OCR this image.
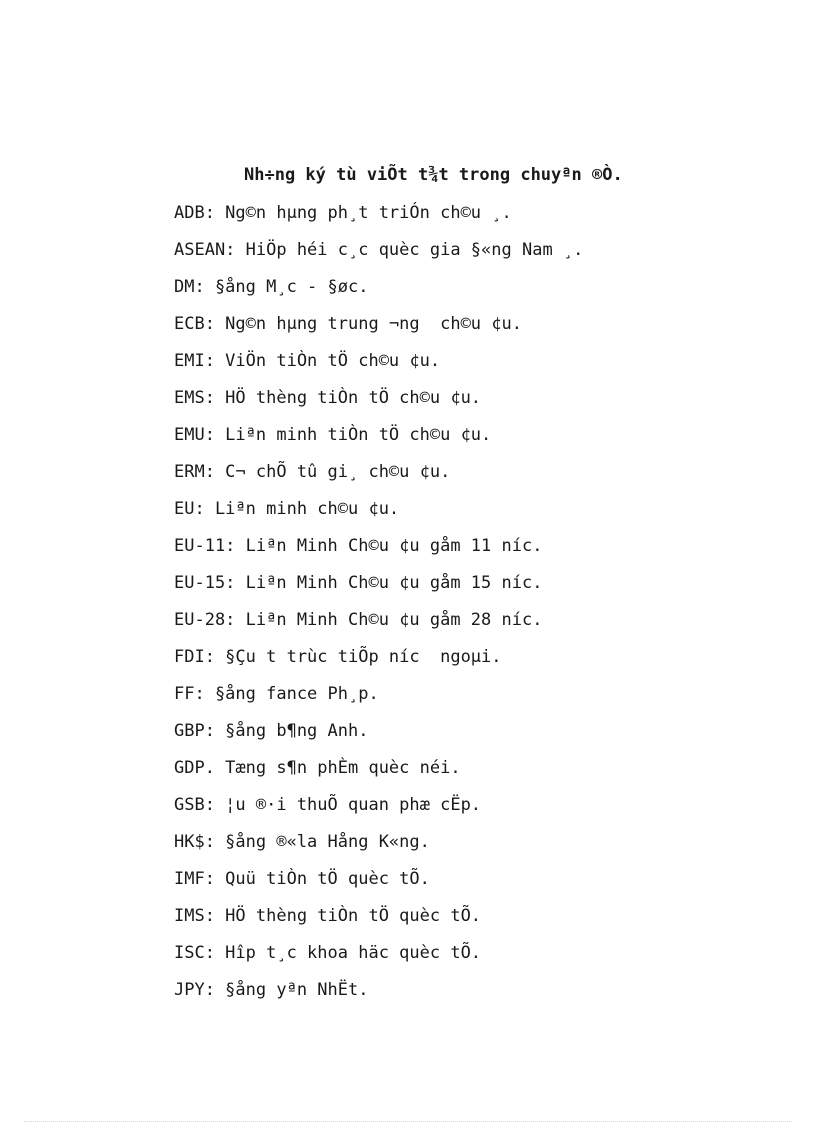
Nh÷ng ký tù viÕt t¾t trong chuyªn ®Ò.
ADB: Ng©n hµng ph¸t triÓn ch©u ¸.
ASEAN: HiÖp héi c¸c quèc gia §«ng Nam ¸.
DM: §ång M¸c - §øc.
ECB: Ng©n hµng trung ¬ng  ch©u ¢u.
EMI: ViÖn tiÒn tÖ ch©u ¢u.
EMS: HÖ thèng tiÒn tÖ ch©u ¢u.
EMU: Liªn minh tiÒn tÖ ch©u ¢u.
ERM: C¬ chÕ tû gi¸ ch©u ¢u.
EU: Liªn minh ch©u ¢u.
EU-11: Liªn Minh Ch©u ¢u gåm 11 níc.
EU-15: Liªn Minh Ch©u ¢u gåm 15 níc.
EU-28: Liªn Minh Ch©u ¢u gåm 28 níc.
FDI: §Çu t trùc tiÕp níc  ngoµi.
FF: §ång fance Ph¸p.
GBP: §ång b¶ng Anh.
GDP. Tæng s¶n phÈm quèc néi.
GSB: ¦u ®·i thuÕ quan phæ cËp.
HK$: §ång ®«la Hång K«ng.
IMF: Quü tiÒn tÖ quèc tÕ.
IMS: HÖ thèng tiÒn tÖ quèc tÕ.
ISC: Hîp t¸c khoa häc quèc tÕ.
JPY: §ång yªn NhËt.
